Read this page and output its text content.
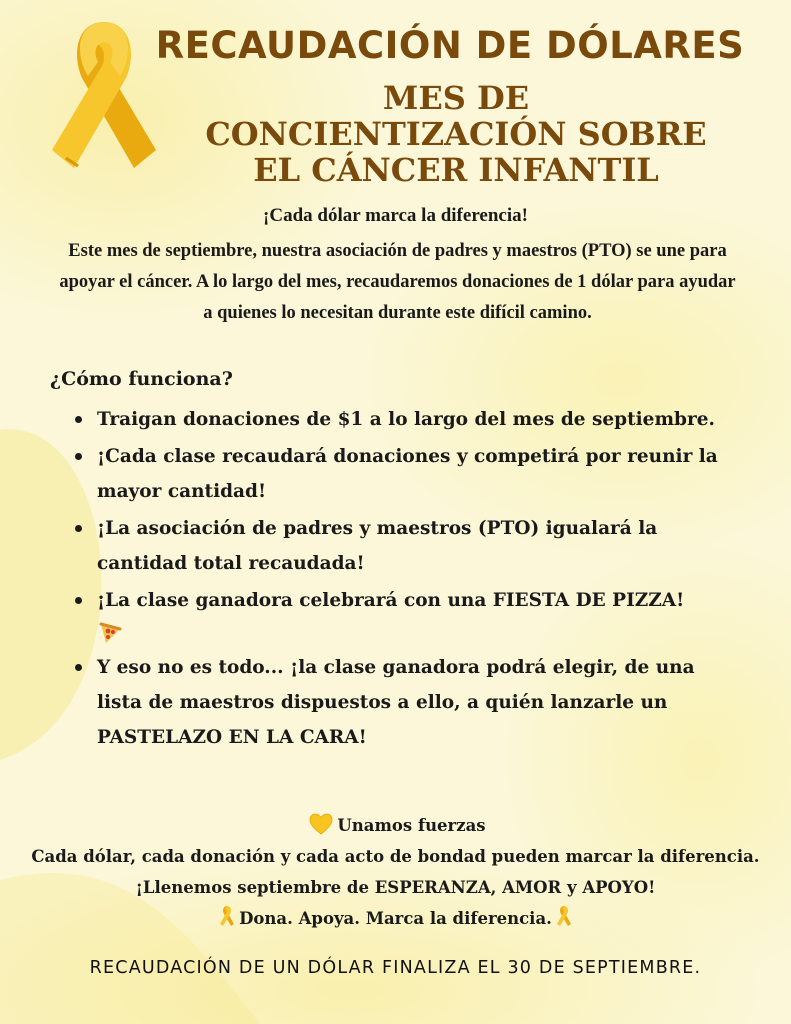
RECAUDACIÓN DE DÓLARES
MES DE
CONCIENTIZACIÓN SOBRE
EL CÁNCER INFANTIL
¡Cada dólar marca la diferencia!
Este mes de septiembre, nuestra asociación de padres y maestros (PTO) se une para apoyar el cáncer. A lo largo del mes, recaudaremos donaciones de 1 dólar para ayudar a quienes lo necesitan durante este difícil camino.
¿Cómo funciona?
Traigan donaciones de $1 a lo largo del mes de septiembre.
¡Cada clase recaudará donaciones y competirá por reunir la mayor cantidad!
¡La asociación de padres y maestros (PTO) igualará la cantidad total recaudada!
¡La clase ganadora celebrará con una FIESTA DE PIZZA!
Y eso no es todo... ¡la clase ganadora podrá elegir, de una lista de maestros dispuestos a ello, a quién lanzarle un PASTELAZO EN LA CARA!
Unamos fuerzas
Cada dólar, cada donación y cada acto de bondad pueden marcar la diferencia.
¡Llenemos septiembre de ESPERANZA, AMOR y APOYO!
Dona. Apoya. Marca la diferencia.
RECAUDACIÓN DE UN DÓLAR FINALIZA EL 30 DE SEPTIEMBRE.
